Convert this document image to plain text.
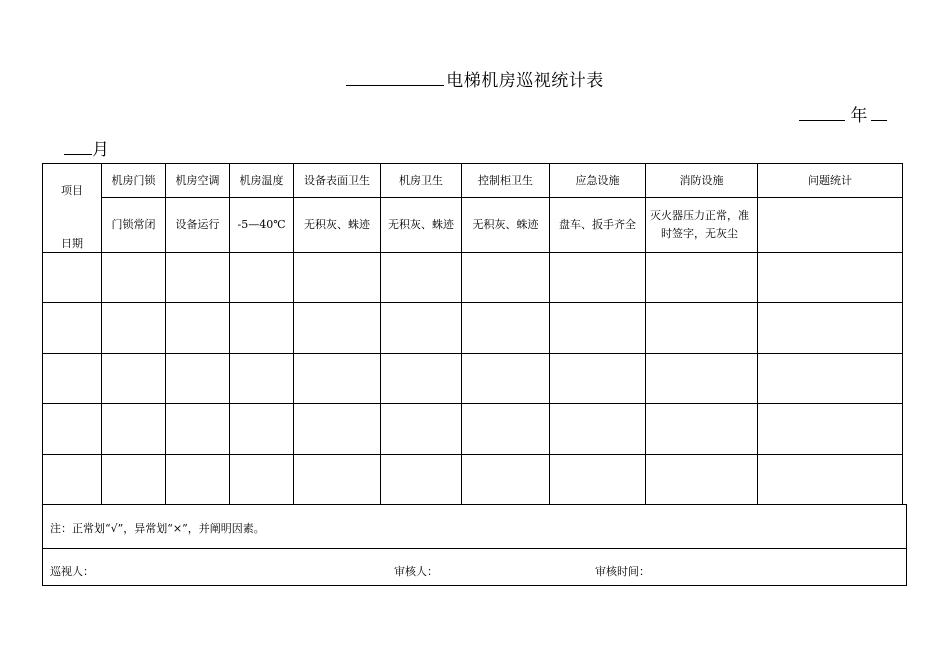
电梯机房巡视统计表
年
月
项目
日期	机房门锁	机房空调	机房温度	设备表面卫生	机房卫生	控制柜卫生	应急设施	消防设施	问题统计
	门锁常闭	设备运行	-5—40℃	无积灰、蛛迹	无积灰、蛛迹	无积灰、蛛迹	盘车、扳手齐全	灭火器压力正常，准时签字，无灰尘	

注：正常划“√”，异常划“×”，并阐明因素。
巡视人：	审核人：	审核时间：
